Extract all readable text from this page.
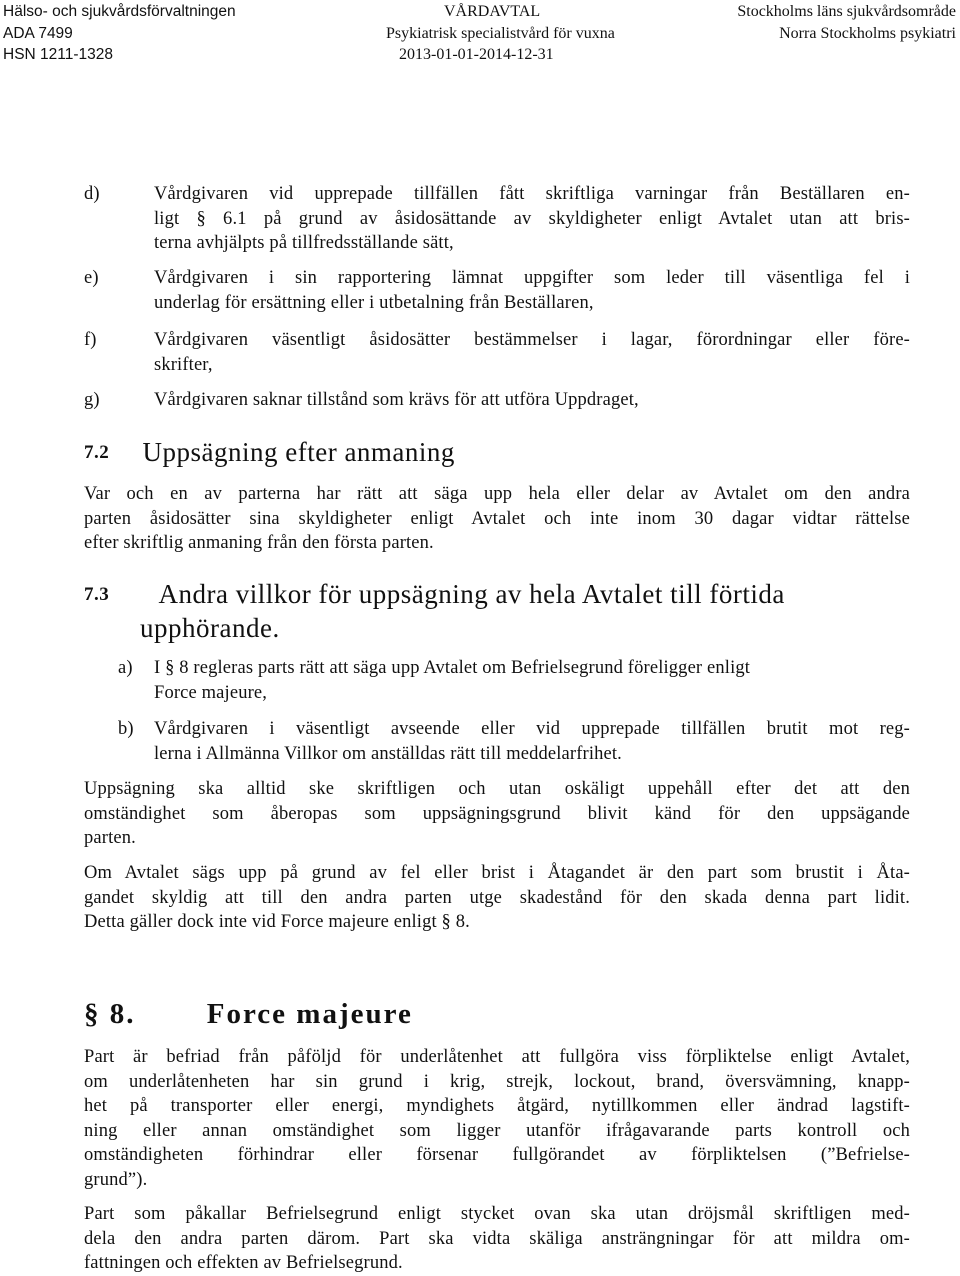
Hälso- och sjukvårdsförvaltningen
ADA 7499
HSN 1211-1328
VÅRDAVTAL
Psykiatrisk specialistvård för vuxna
2013-01-01-2014-12-31
Stockholms läns sjukvårdsområde
Norra Stockholms psykiatri
d)	Vårdgivaren vid upprepade tillfällen fått skriftliga varningar från Beställaren en-
ligt § 6.1 på grund av åsidosättande av skyldigheter enligt Avtalet utan att bris-
terna avhjälpts på tillfredsställande sätt,
e)	Vårdgivaren i sin rapportering lämnat uppgifter som leder till väsentliga fel i
underlag för ersättning eller i utbetalning från Beställaren,
f)	Vårdgivaren väsentligt åsidosätter bestämmelser i lagar, förordningar eller före-
skrifter,
g)	Vårdgivaren saknar tillstånd som krävs för att utföra Uppdraget,
7.2 Uppsägning efter anmaning
Var och en av parterna har rätt att säga upp hela eller delar av Avtalet om den andra
parten åsidosätter sina skyldigheter enligt Avtalet och inte inom 30 dagar vidtar rättelse
efter skriftlig anmaning från den första parten.
7.3 Andra villkor för uppsägning av hela Avtalet till förtida
upphörande.
a) I § 8 regleras parts rätt att säga upp Avtalet om Befrielsegrund föreligger enligt
Force majeure,
b) Vårdgivaren i väsentligt avseende eller vid upprepade tillfällen brutit mot reg-
lerna i Allmänna Villkor om anställdas rätt till meddelarfrihet.
Uppsägning ska alltid ske skriftligen och utan oskäligt uppehåll efter det att den
omständighet som åberopas som uppsägningsgrund blivit känd för den uppsägande
parten.
Om Avtalet sägs upp på grund av fel eller brist i Åtagandet är den part som brustit i Åta-
gandet skyldig att till den andra parten utge skadestånd för den skada denna part lidit.
Detta gäller dock inte vid Force majeure enligt § 8.
§ 8. Force majeure
Part är befriad från påföljd för underlåtenhet att fullgöra viss förpliktelse enligt Avtalet,
om underlåtenheten har sin grund i krig, strejk, lockout, brand, översvämning, knapp-
het på transporter eller energi, myndighets åtgärd, nytillkommen eller ändrad lagstift-
ning eller annan omständighet som ligger utanför ifrågavarande parts kontroll och
omständigheten förhindrar eller försenar fullgörandet av förpliktelsen (”Befrielse-
grund”).
Part som påkallar Befrielsegrund enligt stycket ovan ska utan dröjsmål skriftligen med-
dela den andra parten därom. Part ska vidta skäliga ansträngningar för att mildra om-
fattningen och effekten av Befrielsegrund.
